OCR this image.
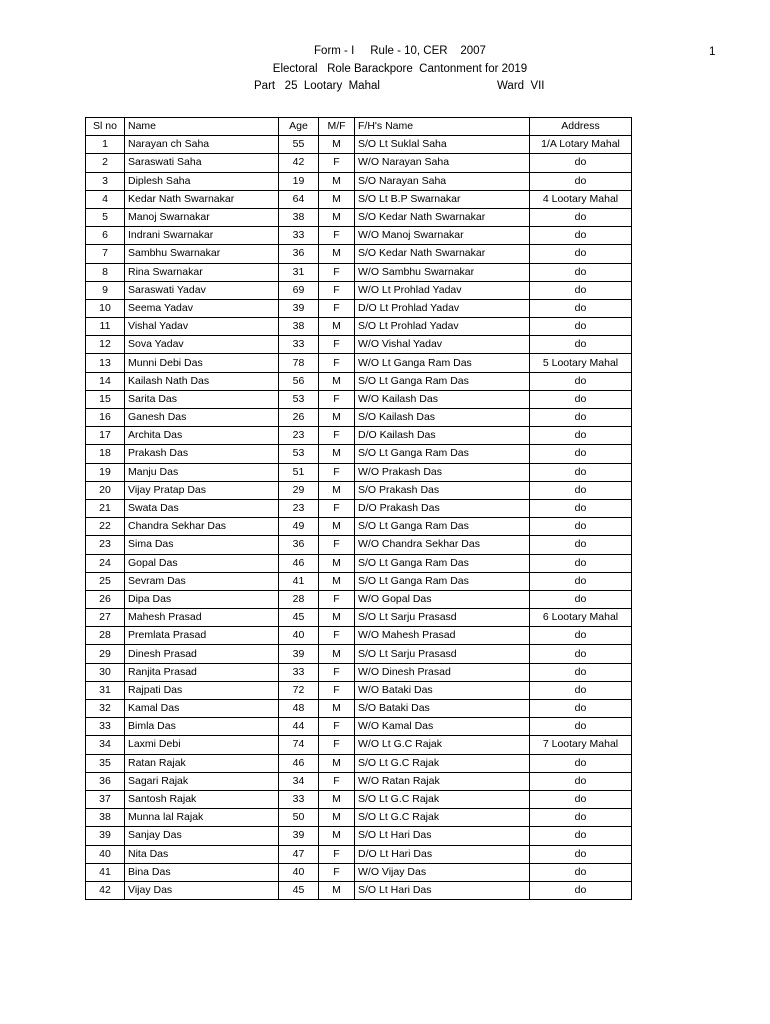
Form - I     Rule - 10, CER    2007
Electoral   Role Barackpore  Cantonment for 2019
Part   25  Lootary  Mahal	Ward  VII
1
Sl no	Name	Age	M/F	F/H's Name	Address
1	Narayan ch Saha	55	M	S/O Lt Suklal Saha	1/A Lotary Mahal
2	Saraswati Saha	42	F	W/O Narayan Saha	do
3	Diplesh Saha	19	M	S/O Narayan Saha	do
4	Kedar Nath Swarnakar	64	M	S/O Lt B.P Swarnakar	4 Lootary Mahal
5	Manoj Swarnakar	38	M	S/O Kedar Nath Swarnakar	do
6	Indrani Swarnakar	33	F	W/O Manoj Swarnakar	do
7	Sambhu Swarnakar	36	M	S/O Kedar Nath Swarnakar	do
8	Rina Swarnakar	31	F	W/O Sambhu Swarnakar	do
9	Saraswati Yadav	69	F	W/O Lt Prohlad Yadav	do
10	Seema Yadav	39	F	D/O Lt Prohlad Yadav	do
11	Vishal Yadav	38	M	S/O Lt Prohlad Yadav	do
12	Sova Yadav	33	F	W/O Vishal Yadav	do
13	Munni Debi Das	78	F	W/O Lt Ganga Ram Das	5 Lootary Mahal
14	Kailash Nath Das	56	M	S/O Lt Ganga Ram Das	do
15	Sarita Das	53	F	W/O Kailash Das	do
16	Ganesh Das	26	M	S/O Kailash Das	do
17	Archita Das	23	F	D/O Kailash Das	do
18	Prakash Das	53	M	S/O Lt Ganga Ram Das	do
19	Manju Das	51	F	W/O Prakash Das	do
20	Vijay Pratap Das	29	M	S/O Prakash Das	do
21	Swata Das	23	F	D/O Prakash Das	do
22	Chandra Sekhar Das	49	M	S/O Lt Ganga Ram Das	do
23	Sima Das	36	F	W/O Chandra Sekhar Das	do
24	Gopal Das	46	M	S/O Lt Ganga Ram Das	do
25	Sevram Das	41	M	S/O Lt Ganga Ram Das	do
26	Dipa Das	28	F	W/O Gopal Das	do
27	Mahesh Prasad	45	M	S/O Lt Sarju Prasasd	6 Lootary Mahal
28	Premlata Prasad	40	F	W/O Mahesh Prasad	do
29	Dinesh Prasad	39	M	S/O Lt Sarju Prasasd	do
30	Ranjita Prasad	33	F	W/O Dinesh Prasad	do
31	Rajpati Das	72	F	W/O Bataki Das	do
32	Kamal Das	48	M	S/O Bataki Das	do
33	Bimla Das	44	F	W/O Kamal Das	do
34	Laxmi Debi	74	F	W/O Lt G.C Rajak	7 Lootary Mahal
35	Ratan Rajak	46	M	S/O Lt G.C Rajak	do
36	Sagari Rajak	34	F	W/O Ratan Rajak	do
37	Santosh Rajak	33	M	S/O Lt G.C Rajak	do
38	Munna lal Rajak	50	M	S/O Lt G.C Rajak	do
39	Sanjay Das	39	M	S/O Lt Hari Das	do
40	Nita Das	47	F	D/O Lt Hari Das	do
41	Bina Das	40	F	W/O Vijay Das	do
42	Vijay Das	45	M	S/O Lt Hari Das	do
